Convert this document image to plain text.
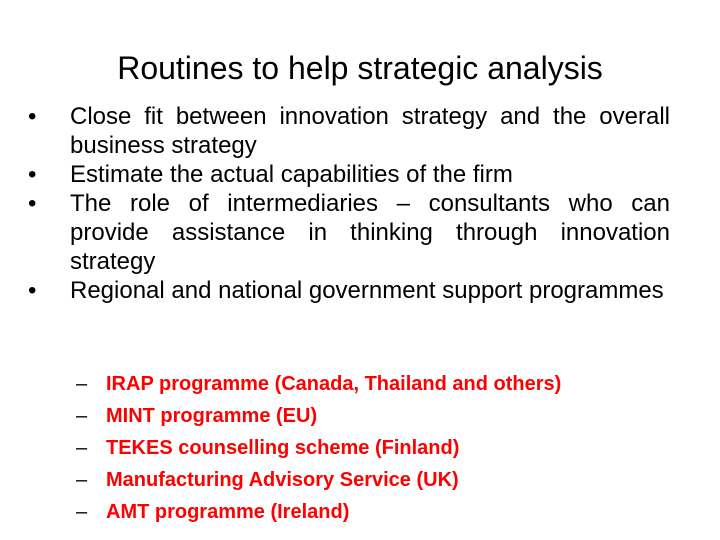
Routines to help strategic analysis
• Close fit between innovation strategy and the overall business strategy
• Estimate the actual capabilities of the firm
• The role of intermediaries – consultants who can provide assistance in thinking through innovation strategy
• Regional and national government support programmes
– IRAP programme (Canada, Thailand and others)
– MINT programme (EU)
– TEKES counselling scheme (Finland)
– Manufacturing Advisory Service (UK)
– AMT programme (Ireland)
